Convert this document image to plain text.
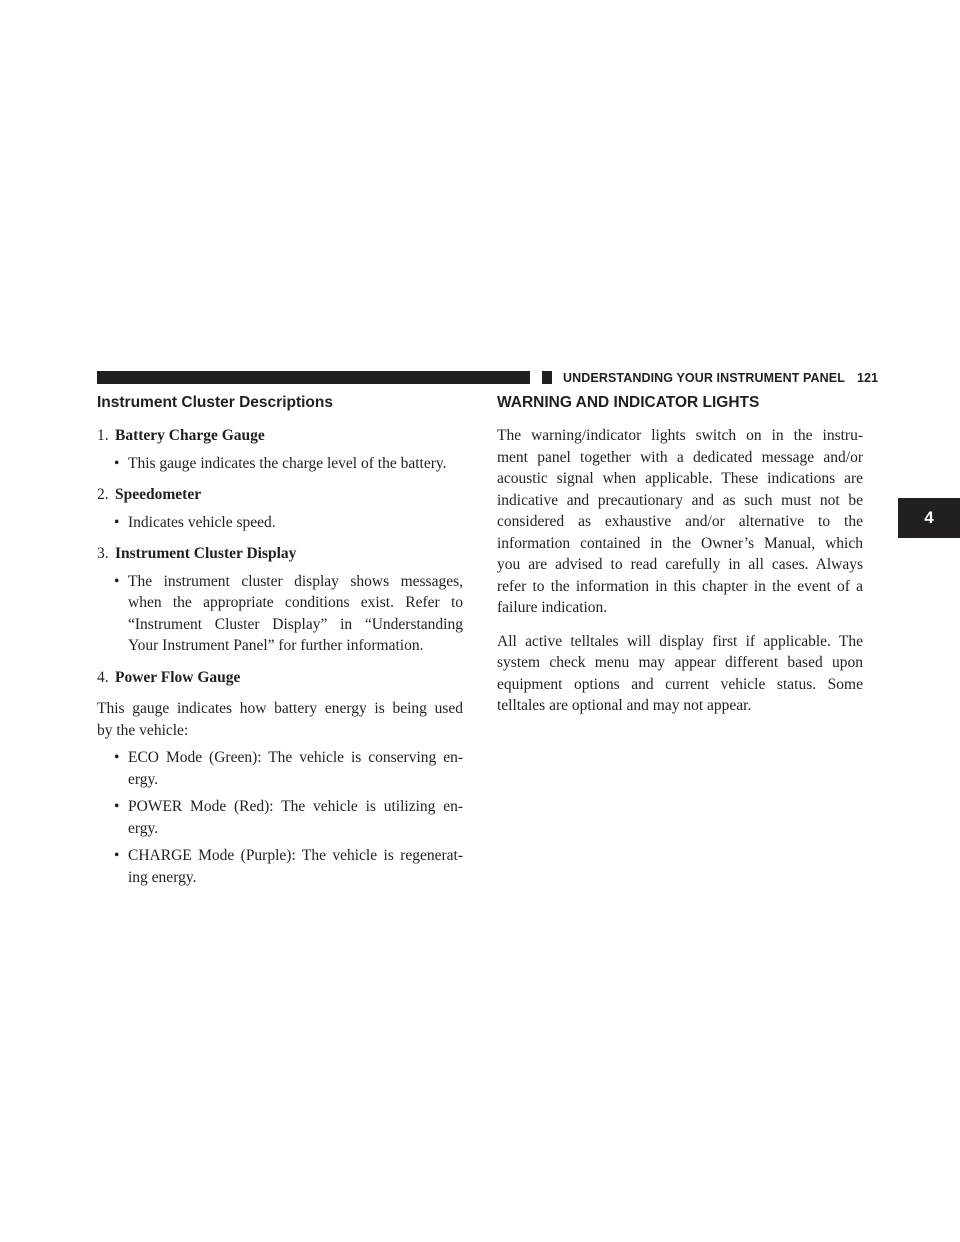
UNDERSTANDING YOUR INSTRUMENT PANEL 121
4
Instrument Cluster Descriptions
1. Battery Charge Gauge
• This gauge indicates the charge level of the battery.
2. Speedometer
• Indicates vehicle speed.
3. Instrument Cluster Display
• The instrument cluster display shows messages,
when the appropriate conditions exist. Refer to
“Instrument Cluster Display” in “Understanding
Your Instrument Panel” for further information.
4. Power Flow Gauge
This gauge indicates how battery energy is being used
by the vehicle:
• ECO Mode (Green): The vehicle is conserving en-
ergy.
• POWER Mode (Red): The vehicle is utilizing en-
ergy.
• CHARGE Mode (Purple): The vehicle is regenerat-
ing energy.
WARNING AND INDICATOR LIGHTS

The warning/indicator lights switch on in the instru-
ment panel together with a dedicated message and/or
acoustic signal when applicable. These indications are
indicative and precautionary and as such must not be
considered as exhaustive and/or alternative to the
information contained in the Owner’s Manual, which
you are advised to read carefully in all cases. Always
refer to the information in this chapter in the event of a
failure indication.

All active telltales will display first if applicable. The
system check menu may appear different based upon
equipment options and current vehicle status. Some
telltales are optional and may not appear.
